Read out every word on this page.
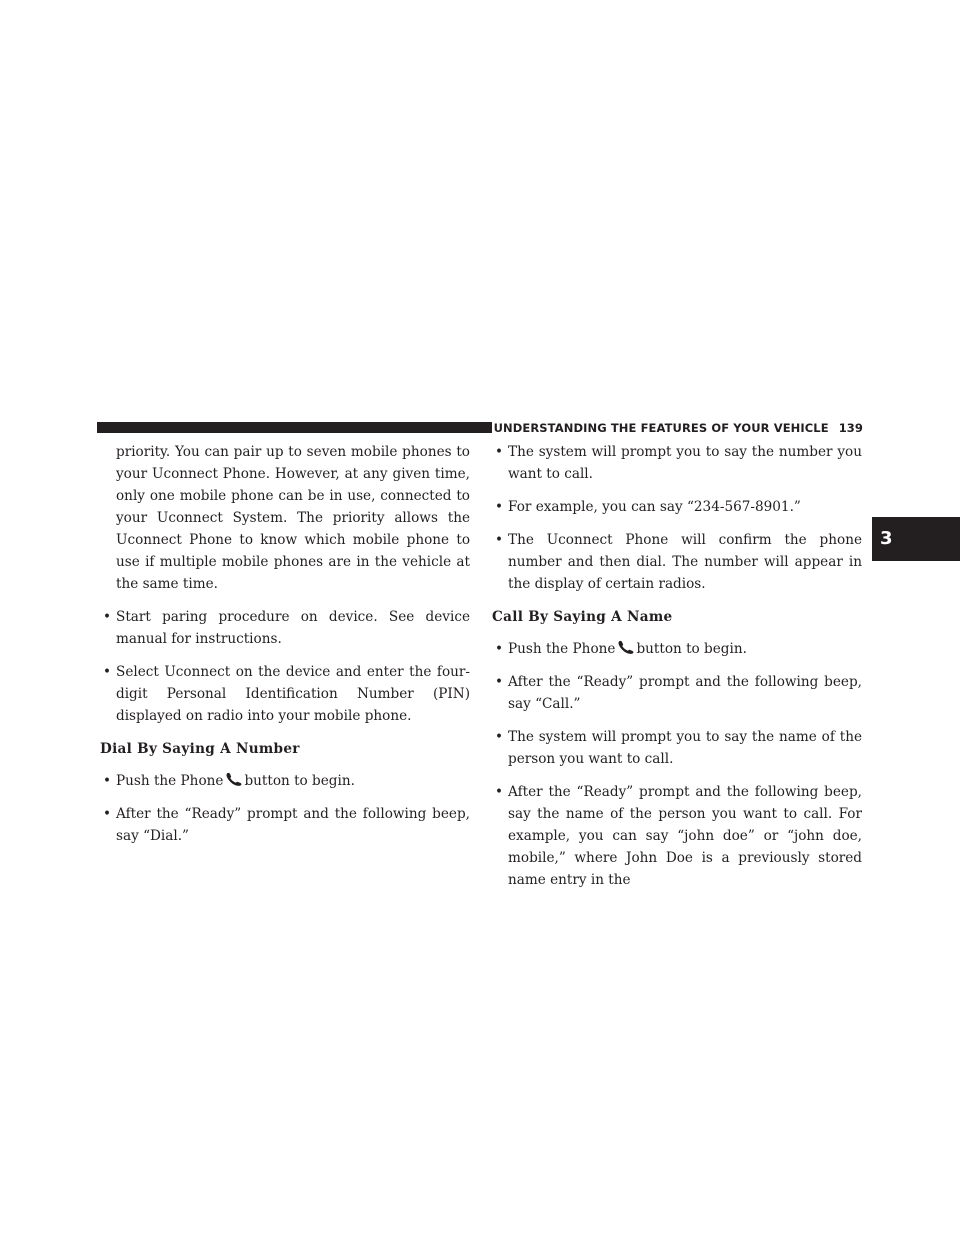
UNDERSTANDING THE FEATURES OF YOUR VEHICLE 139
3

priority. You can pair up to seven mobile phones to your Uconnect Phone. However, at any given time, only one mobile phone can be in use, connected to your Uconnect System. The priority allows the Uconnect Phone to know which mobile phone to use if multiple mobile phones are in the vehicle at the same time.

• Start paring procedure on device. See device manual for instructions.
• Select Uconnect on the device and enter the four-digit Personal Identification Number (PIN) displayed on radio into your mobile phone.
Dial By Saying A Number
• Push the Phone button to begin.
• After the “Ready” prompt and the following beep, say “Dial.”
• The system will prompt you to say the number you want to call.
• For example, you can say “234-567-8901.”
• The Uconnect Phone will confirm the phone number and then dial. The number will appear in the display of certain radios.
Call By Saying A Name
• Push the Phone button to begin.
• After the “Ready” prompt and the following beep, say “Call.”
• The system will prompt you to say the name of the person you want to call.
• After the “Ready” prompt and the following beep, say the name of the person you want to call. For example, you can say “john doe” or “john doe, mobile,” where John Doe is a previously stored name entry in the
